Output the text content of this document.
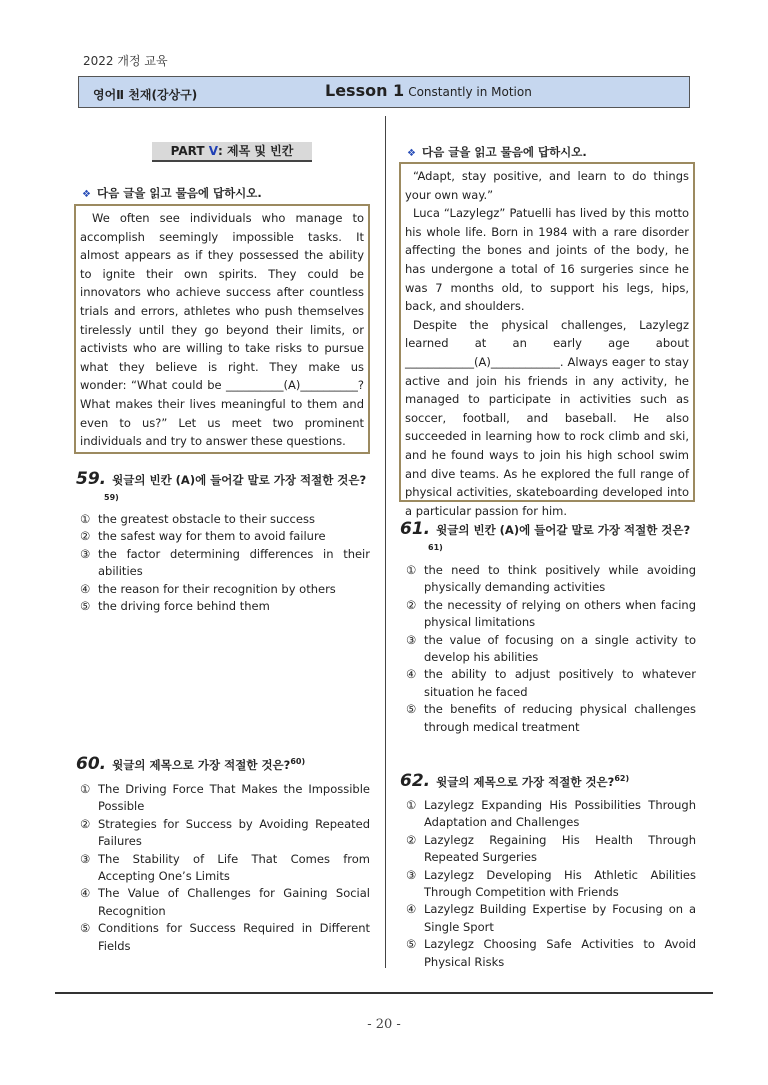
2022 개정 교육
영어Ⅱ 천재(강상구)	Lesson 1 Constantly in Motion
PART Ⅴ: 제목 및 빈칸
❖ 다음 글을 읽고 물음에 답하시오.
We often see individuals who manage to accomplish seemingly impossible tasks. It almost appears as if they possessed the ability to ignite their own spirits. They could be innovators who achieve success after countless trials and errors, athletes who push themselves tirelessly until they go beyond their limits, or activists who are willing to take risks to pursue what they believe is right. They make us wonder: “What could be __________(A)__________? What makes their lives meaningful to them and even to us?” Let us meet two prominent individuals and try to answer these questions.
59. 윗글의 빈칸 (A)에 들어갈 말로 가장 적절한 것은?$^{59)}$
① the greatest obstacle to their success
② the safest way for them to avoid failure
③ the factor determining differences in their abilities
④ the reason for their recognition by others
⑤ the driving force behind them
60. 윗글의 제목으로 가장 적절한 것은?$^{60)}$
① The Driving Force That Makes the Impossible Possible
② Strategies for Success by Avoiding Repeated Failures
③ The Stability of Life That Comes from Accepting One’s Limits
④ The Value of Challenges for Gaining Social Recognition
⑤ Conditions for Success Required in Different Fields
❖ 다음 글을 읽고 물음에 답하시오.
“Adapt, stay positive, and learn to do things your own way.”
Luca “Lazylegz” Patuelli has lived by this motto his whole life. Born in 1984 with a rare disorder affecting the bones and joints of the body, he has undergone a total of 16 surgeries since he was 7 months old, to support his legs, hips, back, and shoulders.
Despite the physical challenges, Lazylegz learned at an early age about ____________(A)____________. Always eager to stay active and join his friends in any activity, he managed to participate in activities such as soccer, football, and baseball. He also succeeded in learning how to rock climb and ski, and he found ways to join his high school swim and dive teams. As he explored the full range of physical activities, skateboarding developed into a particular passion for him.
61. 윗글의 빈칸 (A)에 들어갈 말로 가장 적절한 것은?$^{61)}$
① the need to think positively while avoiding physically demanding activities
② the necessity of relying on others when facing physical limitations
③ the value of focusing on a single activity to develop his abilities
④ the ability to adjust positively to whatever situation he faced
⑤ the benefits of reducing physical challenges through medical treatment
62. 윗글의 제목으로 가장 적절한 것은?$^{62)}$
① Lazylegz Expanding His Possibilities Through Adaptation and Challenges
② Lazylegz Regaining His Health Through Repeated Surgeries
③ Lazylegz Developing His Athletic Abilities Through Competition with Friends
④ Lazylegz Building Expertise by Focusing on a Single Sport
⑤ Lazylegz Choosing Safe Activities to Avoid Physical Risks
- 20 -
